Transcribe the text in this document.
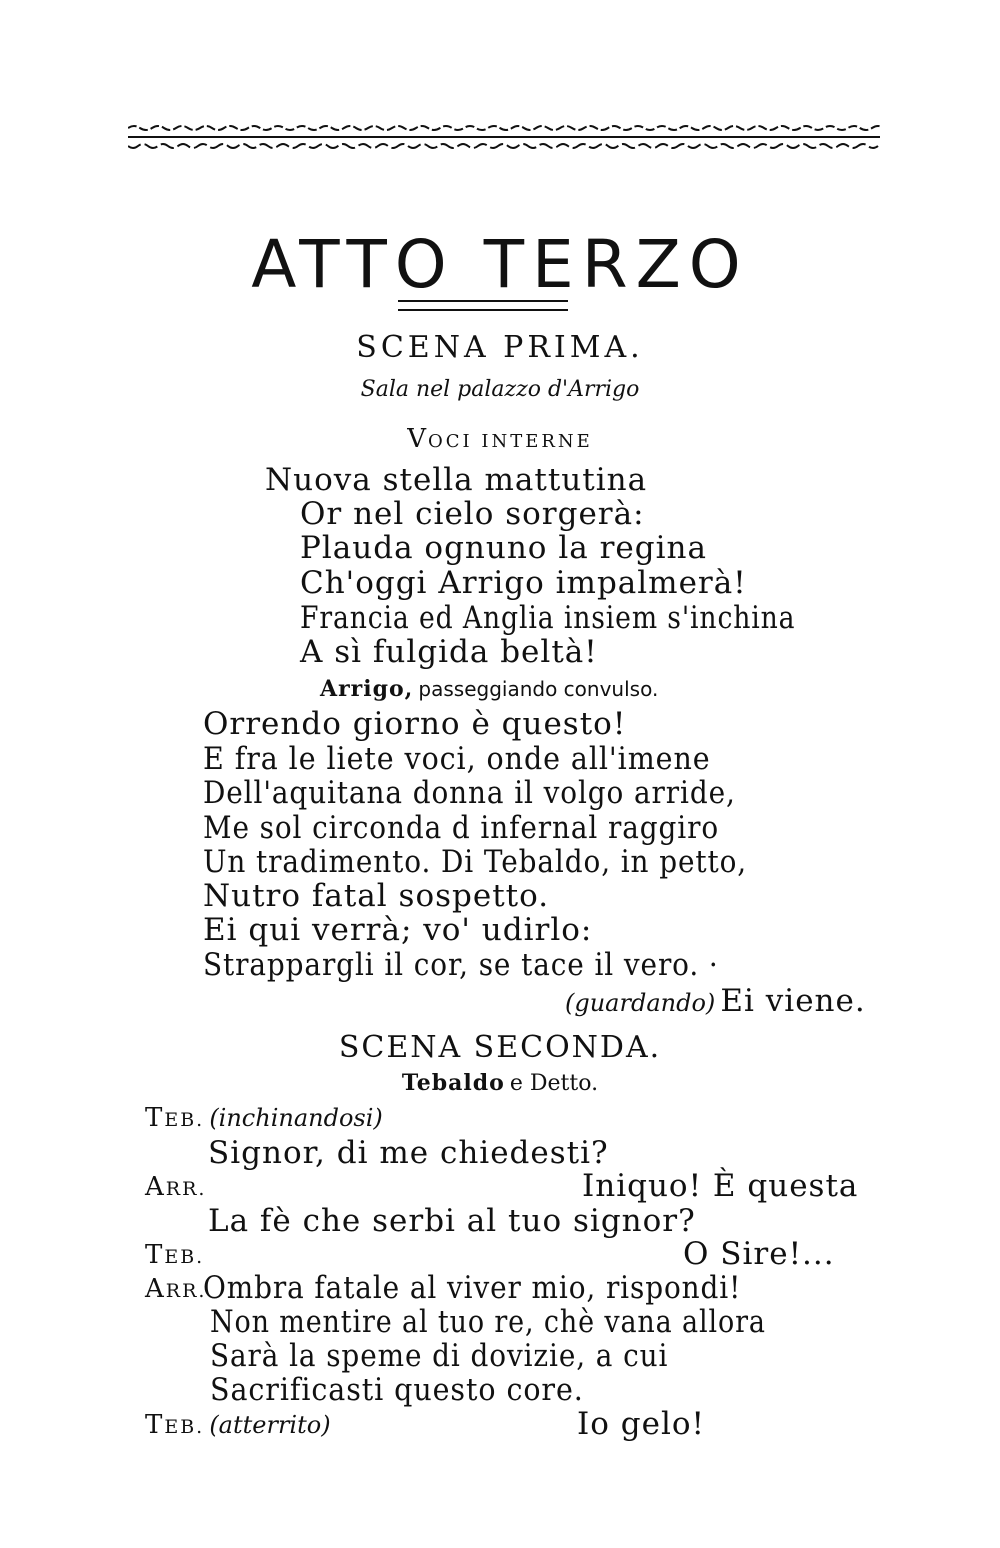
ATTO TERZO
SCENA PRIMA.
Sala nel palazzo d'Arrigo
VOCI INTERNE
Nuova stella mattutina
Or nel cielo sorgerà:
Plauda ognuno la regina
Ch'oggi Arrigo impalmerà!
Francia ed Anglia insiem s'inchina
A sì fulgida beltà!
Arrigo, passeggiando convulso.
Orrendo giorno è questo!
E fra le liete voci, onde all'imene
Dell'aquitana donna il volgo arride,
Me sol circonda d infernal raggiro
Un tradimento. Di Tebaldo, in petto,
Nutro fatal sospetto.
Ei qui verrà; vo' udirlo:
Strappargli il cor, se tace il vero. ·
(guardando) Ei viene.
SCENA SECONDA.
Tebaldo e Detto.
TEB. (inchinandosi)
Signor, di me chiedesti?
ARR.	Iniquo! È questa
La fè che serbi al tuo signor?
TEB.	O Sire!...
ARR.
Ombra fatale al viver mio, rispondi!
Non mentire al tuo re, chè vana allora
Sarà la speme di dovizie, a cui
Sacrificasti questo core.
TEB. (atterrito)	Io gelo!
